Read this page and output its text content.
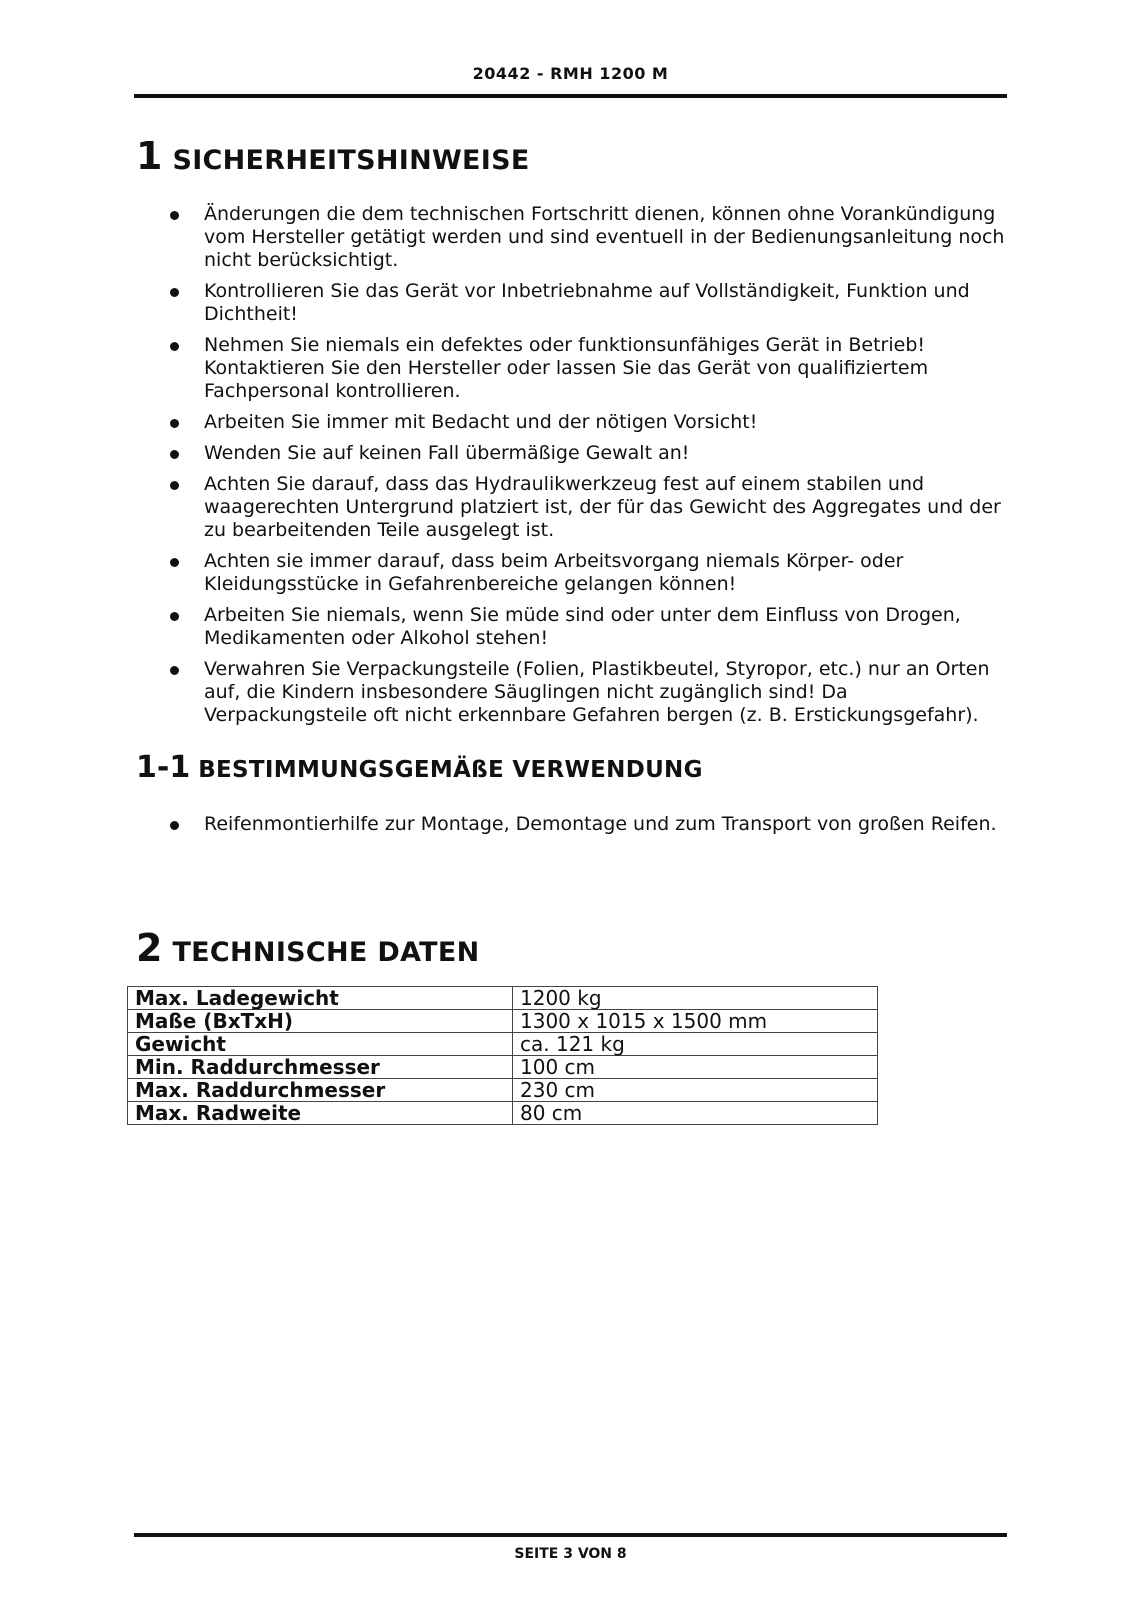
20442 - RMH 1200 M
1 SICHERHEITSHINWEISE
Änderungen die dem technischen Fortschritt dienen, können ohne Vorankündigung vom Hersteller getätigt werden und sind eventuell in der Bedienungsanleitung noch nicht berücksichtigt.
Kontrollieren Sie das Gerät vor Inbetriebnahme auf Vollständigkeit, Funktion und Dichtheit!
Nehmen Sie niemals ein defektes oder funktionsunfähiges Gerät in Betrieb! Kontaktieren Sie den Hersteller oder lassen Sie das Gerät von qualifiziertem Fachpersonal kontrollieren.
Arbeiten Sie immer mit Bedacht und der nötigen Vorsicht!
Wenden Sie auf keinen Fall übermäßige Gewalt an!
Achten Sie darauf, dass das Hydraulikwerkzeug fest auf einem stabilen und waagerechten Untergrund platziert ist, der für das Gewicht des Aggregates und der zu bearbeitenden Teile ausgelegt ist.
Achten sie immer darauf, dass beim Arbeitsvorgang niemals Körper- oder Kleidungsstücke in Gefahrenbereiche gelangen können!
Arbeiten Sie niemals, wenn Sie müde sind oder unter dem Einfluss von Drogen, Medikamenten oder Alkohol stehen!
Verwahren Sie Verpackungsteile (Folien, Plastikbeutel, Styropor, etc.) nur an Orten auf, die Kindern insbesondere Säuglingen nicht zugänglich sind! Da Verpackungsteile oft nicht erkennbare Gefahren bergen (z. B. Erstickungsgefahr).
1-1 BESTIMMUNGSGEMÄßE VERWENDUNG
Reifenmontierhilfe zur Montage, Demontage und zum Transport von großen Reifen.
2 TECHNISCHE DATEN
Max. Ladegewicht	1200 kg
Maße (BxTxH)	1300 x 1015 x 1500 mm
Gewicht	ca. 121 kg
Min. Raddurchmesser	100 cm
Max. Raddurchmesser	230 cm
Max. Radweite	80 cm
SEITE 3 VON 8
